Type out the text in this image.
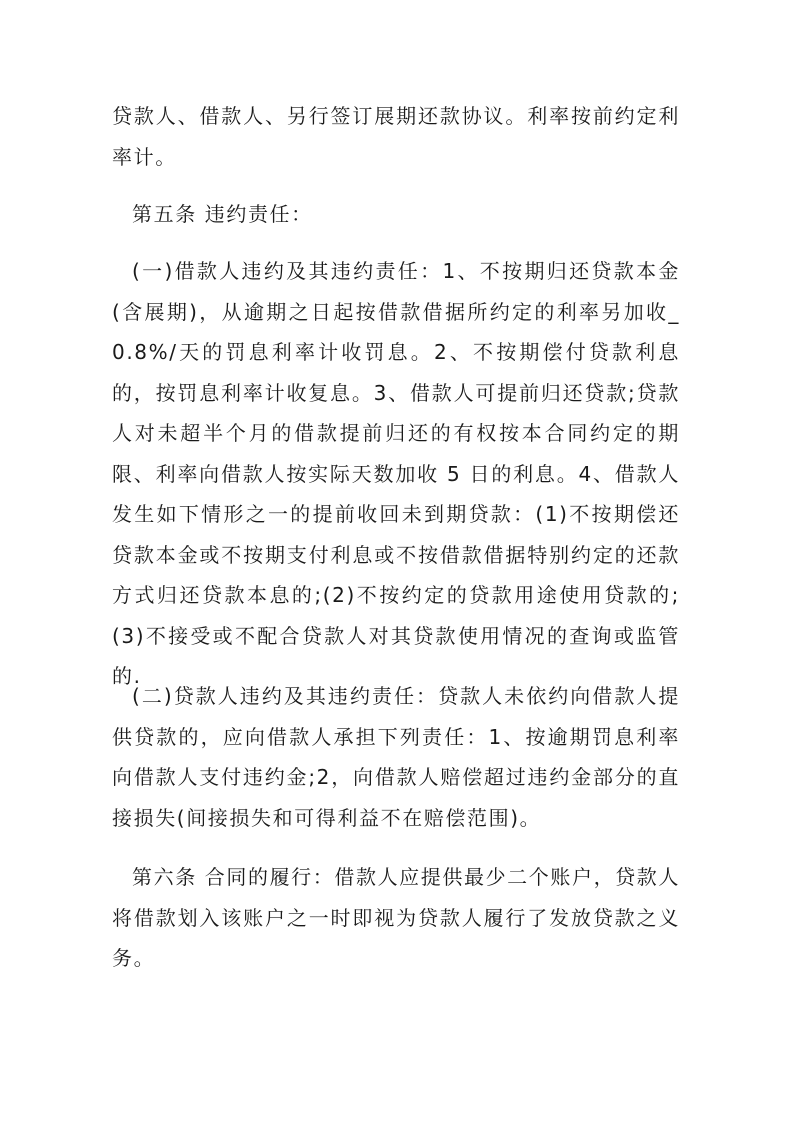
贷款人、借款人、另行签订展期还款协议。利率按前约定利率计。
第五条 违约责任：
(一)借款人违约及其违约责任：1、不按期归还贷款本金(含展期)，从逾期之日起按借款借据所约定的利率另加收_0.8%/天的罚息利率计收罚息。2、不按期偿付贷款利息的，按罚息利率计收复息。3、借款人可提前归还贷款;贷款人对未超半个月的借款提前归还的有权按本合同约定的期限、利率向借款人按实际天数加收 5 日的利息。4、借款人发生如下情形之一的提前收回未到期贷款：(1)不按期偿还贷款本金或不按期支付利息或不按借款借据特别约定的还款方式归还贷款本息的;(2)不按约定的贷款用途使用贷款的;(3)不接受或不配合贷款人对其贷款使用情况的查询或监管的.
(二)贷款人违约及其违约责任：贷款人未依约向借款人提供贷款的，应向借款人承担下列责任：1、按逾期罚息利率向借款人支付违约金;2，向借款人赔偿超过违约金部分的直接损失(间接损失和可得利益不在赔偿范围)。
第六条 合同的履行：借款人应提供最少二个账户，贷款人将借款划入该账户之一时即视为贷款人履行了发放贷款之义务。
